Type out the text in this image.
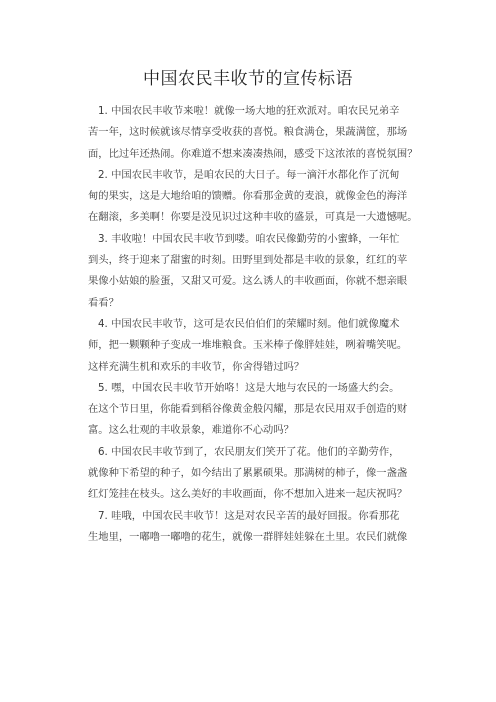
中国农民丰收节的宣传标语
1. 中国农民丰收节来啦！就像一场大地的狂欢派对。咱农民兄弟辛
苦一年，这时候就该尽情享受收获的喜悦。粮食满仓，果蔬满筐，那场
面，比过年还热闹。你难道不想来凑凑热闹，感受下这浓浓的喜悦氛围？
2. 中国农民丰收节，是咱农民的大日子。每一滴汗水都化作了沉甸
甸的果实，这是大地给咱的馈赠。你看那金黄的麦浪，就像金色的海洋
在翻滚，多美啊！你要是没见识过这种丰收的盛景，可真是一大遗憾呢。
3. 丰收啦！中国农民丰收节到喽。咱农民像勤劳的小蜜蜂，一年忙
到头，终于迎来了甜蜜的时刻。田野里到处都是丰收的景象，红红的苹
果像小姑娘的脸蛋，又甜又可爱。这么诱人的丰收画面，你就不想亲眼
看看？
4. 中国农民丰收节，这可是农民伯伯们的荣耀时刻。他们就像魔术
师，把一颗颗种子变成一堆堆粮食。玉米棒子像胖娃娃，咧着嘴笑呢。
这样充满生机和欢乐的丰收节，你舍得错过吗？
5. 嘿，中国农民丰收节开始咯！这是大地与农民的一场盛大约会。
在这个节日里，你能看到稻谷像黄金般闪耀，那是农民用双手创造的财
富。这么壮观的丰收景象，难道你不心动吗？
6. 中国农民丰收节到了，农民朋友们笑开了花。他们的辛勤劳作，
就像种下希望的种子，如今结出了累累硕果。那满树的柿子，像一盏盏
红灯笼挂在枝头。这么美好的丰收画面，你不想加入进来一起庆祝吗？
7. 哇哦，中国农民丰收节！这是对农民辛苦的最好回报。你看那花
生地里，一嘟噜一嘟噜的花生，就像一群胖娃娃躲在土里。农民们就像
